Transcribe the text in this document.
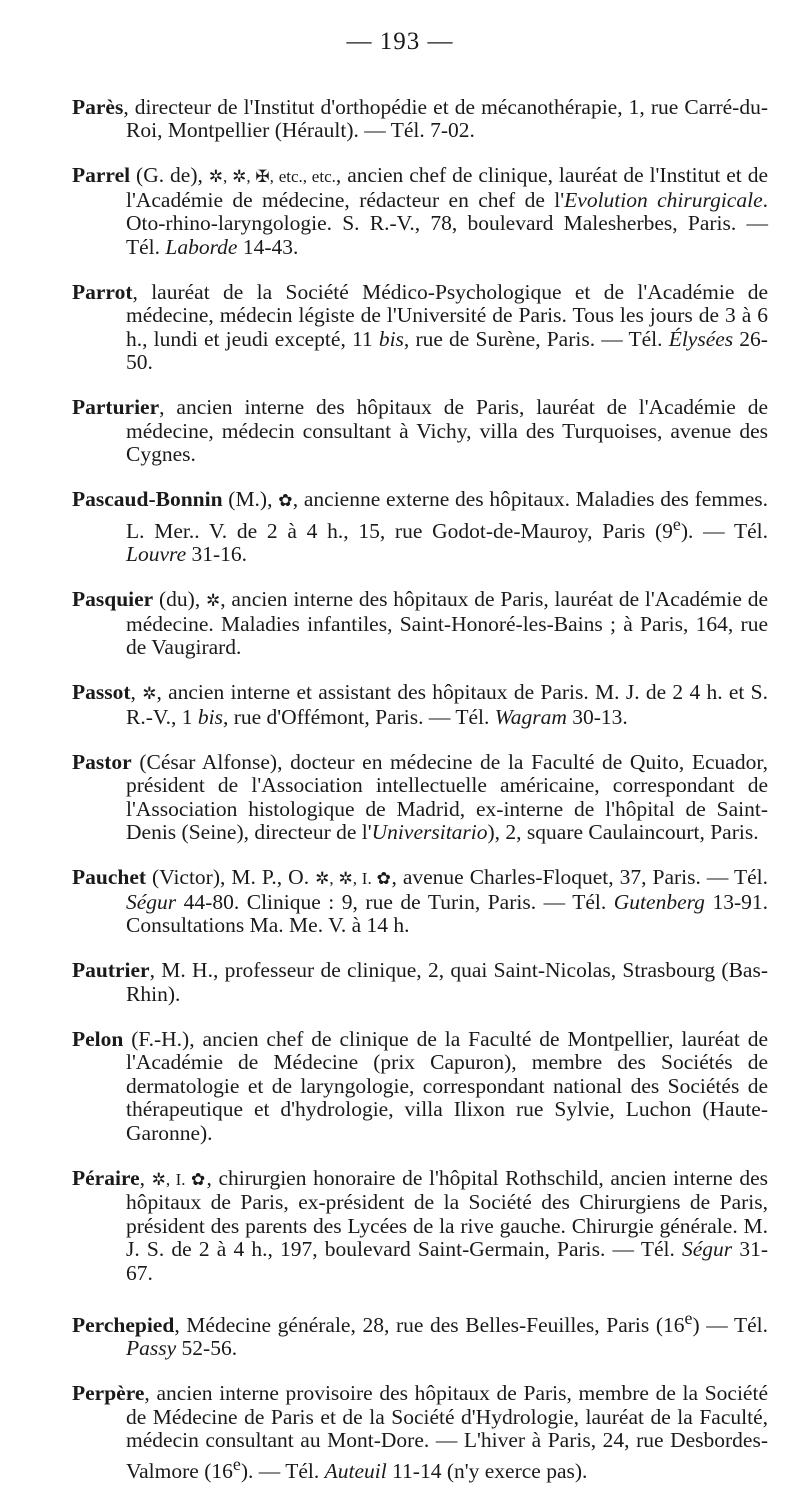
— 193 —

Parès, directeur de l'Institut d'orthopédie et de mécanothérapie, 1, rue Carré-du-Roi, Montpellier (Hérault). — Tél. 7-02.

Parrel (G. de), ✲, ✲, ✠, etc., etc., ancien chef de clinique, lauréat de l'Institut et de l'Académie de médecine, rédacteur en chef de l'Evolution chirurgicale. Oto-rhino-laryngologie. S. R.-V., 78, boulevard Malesherbes, Paris. — Tél. Laborde 14-43.

Parrot, lauréat de la Société Médico-Psychologique et de l'Académie de médecine, médecin légiste de l'Université de Paris. Tous les jours de 3 à 6 h., lundi et jeudi excepté, 11 bis, rue de Surène, Paris. — Tél. Élysées 26-50.

Parturier, ancien interne des hôpitaux de Paris, lauréat de l'Académie de médecine, médecin consultant à Vichy, villa des Turquoises, avenue des Cygnes.

Pascaud-Bonnin (M.), ✿, ancienne externe des hôpitaux. Maladies des femmes. L. Mer.. V. de 2 à 4 h., 15, rue Godot-de-Mauroy, Paris (9e). — Tél. Louvre 31-16.

Pasquier (du), ✲, ancien interne des hôpitaux de Paris, lauréat de l'Académie de médecine. Maladies infantiles, Saint-Honoré-les-Bains ; à Paris, 164, rue de Vaugirard.

Passot, ✲, ancien interne et assistant des hôpitaux de Paris. M. J. de 2 4 h. et S. R.-V., 1 bis, rue d'Offémont, Paris. — Tél. Wagram 30-13.

Pastor (César Alfonse), docteur en médecine de la Faculté de Quito, Ecuador, président de l'Association intellectuelle américaine, correspondant de l'Association histologique de Madrid, ex-interne de l'hôpital de Saint-Denis (Seine), directeur de l'Universitario), 2, square Caulaincourt, Paris.

Pauchet (Victor), M. P., O. ✲, ✲, I. ✿, avenue Charles-Floquet, 37, Paris. — Tél. Ségur 44-80. Clinique : 9, rue de Turin, Paris. — Tél. Gutenberg 13-91. Consultations Ma. Me. V. à 14 h.

Pautrier, M. H., professeur de clinique, 2, quai Saint-Nicolas, Strasbourg (Bas-Rhin).

Pelon (F.-H.), ancien chef de clinique de la Faculté de Montpellier, lauréat de l'Académie de Médecine (prix Capuron), membre des Sociétés de dermatologie et de laryngologie, correspondant national des Sociétés de thérapeutique et d'hydrologie, villa Ilixon rue Sylvie, Luchon (Haute-Garonne).

Péraire, ✲, I. ✿, chirurgien honoraire de l'hôpital Rothschild, ancien interne des hôpitaux de Paris, ex-président de la Société des Chirurgiens de Paris, président des parents des Lycées de la rive gauche. Chirurgie générale. M. J. S. de 2 à 4 h., 197, boulevard Saint-Germain, Paris. — Tél. Ségur 31-67.

Perchepied, Médecine générale, 28, rue des Belles-Feuilles, Paris (16e) — Tél. Passy 52-56.

Perpère, ancien interne provisoire des hôpitaux de Paris, membre de la Société de Médecine de Paris et de la Société d'Hydrologie, lauréat de la Faculté, médecin consultant au Mont-Dore. — L'hiver à Paris, 24, rue Desbordes-Valmore (16e). — Tél. Auteuil 11-14 (n'y exerce pas).
